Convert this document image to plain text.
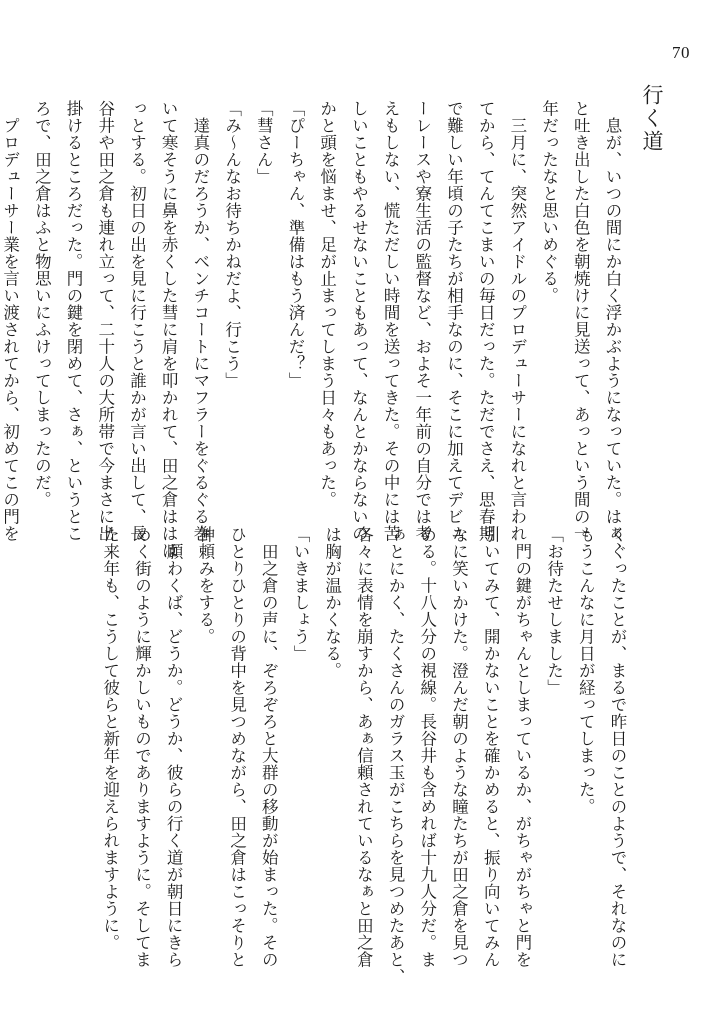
70
行く道
　息が、いつの間にか白く浮かぶようになっていた。はぁ、
と吐き出した白色を朝焼けに見送って、あっという間の一
年だったなと思いめぐる。
　三月に、突然アイドルのプロデューサーになれと言われ
てから、てんてこまいの毎日だった。ただでさえ、思春期
で難しい年頃の子たちが相手なのに、そこに加えてデビュ
ーレースや寮生活の監督など、およそ一年前の自分では考
えもしない、慌ただしい時間を送ってきた。その中には苦
しいこともやるせないこともあって、なんとかならないの
かと頭を悩ませ、足が止まってしまう日々もあった。
「ぴーちゃん、準備はもう済んだ？」
「彗さん」
「み～んなお待ちかねだよ、行こう」
　達真のだろうか、ベンチコートにマフラーをぐるぐる巻
いて寒そうに鼻を赤くした彗に肩を叩かれて、田之倉ははは
っとする。初日の出を見に行こうと誰かが言い出して、長
谷井や田之倉も連れ立って、二十人の大所帯で今まさに出
掛けるところだった。門の鍵を閉めて、さぁ、というとこ
ろで、田之倉はふと物思いにふけってしまったのだ。
　プロデューサー業を言い渡されてから、初めてこの門を
くぐったことが、まるで昨日のことのようで、それなのに
もうこんなに月日が経ってしまった。
「お待たせしました」
　門の鍵がちゃんとしまっているか、がちゃがちゃと門を
引いてみて、開かないことを確かめると、振り向いてみん
なに笑いかけた。澄んだ朝のような瞳たちが田之倉を見つ
める。十八人分の視線。長谷井も含めれば十九人分だ。ま
ぁとにかく、たくさんのガラス玉がこちらを見つめたあと、
各々に表情を崩すから、あぁ信頼されているなぁと田之倉
は胸が温かくなる。
「いきましょう」
　田之倉の声に、ぞろぞろと大群の移動が始まった。その
ひとりひとりの背中を見つめながら、田之倉はこっそりと
神頼みをする。
　願わくば、どうか。どうか、彼らの行く道が朝日にきら
めく街のように輝かしいものでありますように。そしてま
た来年も、こうして彼らと新年を迎えられますように。
